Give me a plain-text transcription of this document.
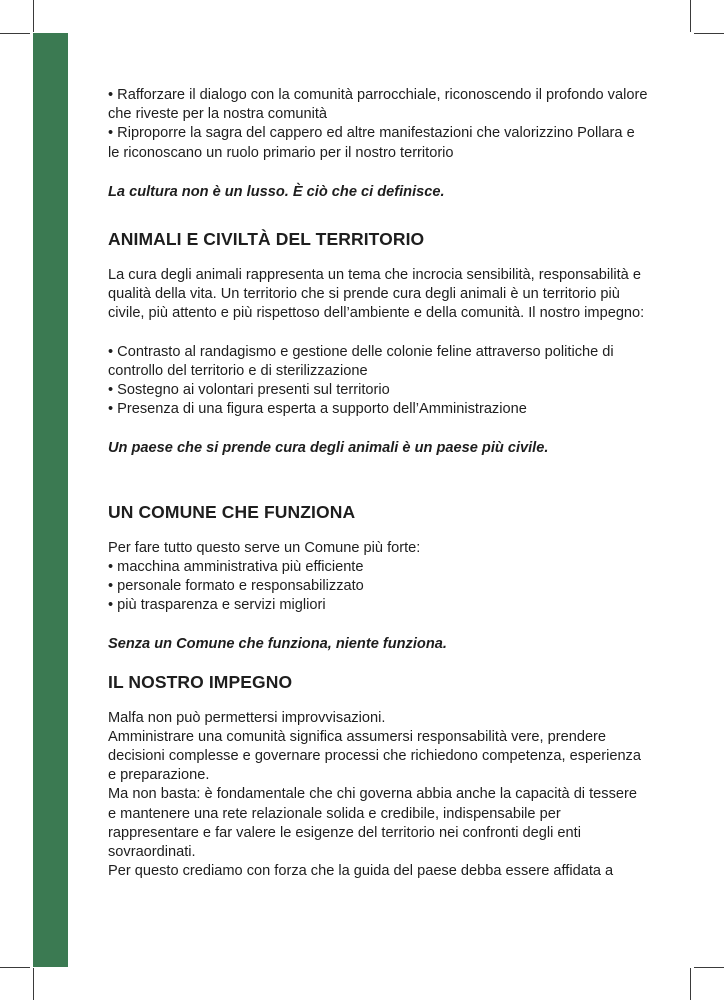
• Rafforzare il dialogo con la comunità parrocchiale, riconoscendo il profondo valore che riveste per la nostra comunità

• Riproporre la sagra del cappero ed altre manifestazioni che valorizzino Pollara e le riconoscano un ruolo primario per il nostro territorio

La cultura non è un lusso. È ciò che ci definisce.

ANIMALI E CIVILTÀ DEL TERRITORIO

La cura degli animali rappresenta un tema che incrocia sensibilità, responsabilità e qualità della vita. Un territorio che si prende cura degli animali è un territorio più civile, più attento e più rispettoso dell’ambiente e della comunità. Il nostro impegno:

• Contrasto al randagismo e gestione delle colonie feline attraverso politiche di controllo del territorio e di sterilizzazione

• Sostegno ai volontari presenti sul territorio

• Presenza di una figura esperta a supporto dell’Amministrazione

Un paese che si prende cura degli animali è un paese più civile.

UN COMUNE CHE FUNZIONA

Per fare tutto questo serve un Comune più forte:

• macchina amministrativa più efficiente

• personale formato e responsabilizzato

• più trasparenza e servizi migliori

Senza un Comune che funziona, niente funziona.

IL NOSTRO IMPEGNO

Malfa non può permettersi improvvisazioni.

Amministrare una comunità significa assumersi responsabilità vere, prendere decisioni complesse e governare processi che richiedono competenza, esperienza e preparazione.

Ma non basta: è fondamentale che chi governa abbia anche la capacità di tessere e mantenere una rete relazionale solida e credibile, indispensabile per rappresentare e far valere le esigenze del territorio nei confronti degli enti sovraordinati.

Per questo crediamo con forza che la guida del paese debba essere affidata a
